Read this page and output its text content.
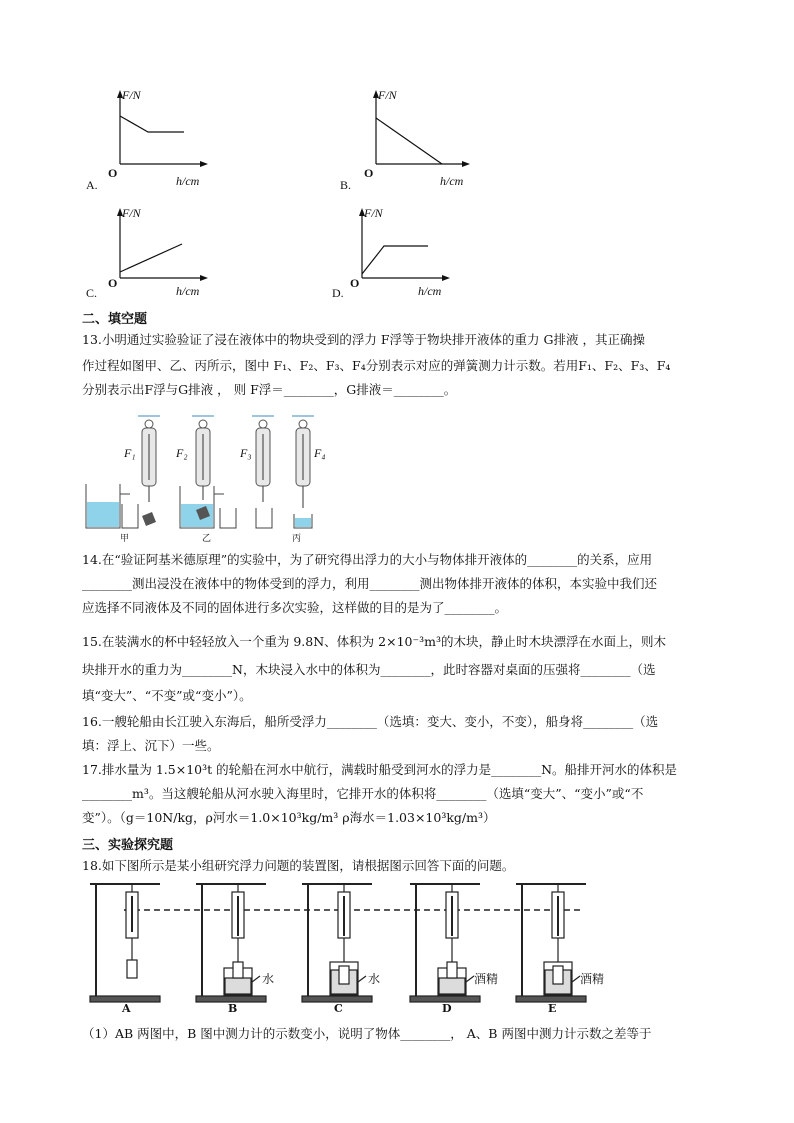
F/N
O
h/cm
A.
F/N
O
h/cm
B.
F/N
O
h/cm
C.
F/N
O
h/cm
D.
二、填空题
13.小明通过实验验证了浸在液体中的物块受到的浮力 F浮等于物块排开液体的重力 G排液 ，其正确操
作过程如图甲、乙、丙所示，图中 F₁、F₂、F₃、F₄分别表示对应的弹簧测力计示数。若用F₁、F₂、F₃、F₄
分别表示出F浮与G排液 ， 则 F浮＝________，G排液＝________。
F₁	F₂	F₃	F₄
甲	乙	丙
14.在“验证阿基米德原理”的实验中，为了研究得出浮力的大小与物体排开液体的________的关系，应用
________测出浸没在液体中的物体受到的浮力，利用________测出物体排开液体的体积，本实验中我们还
应选择不同液体及不同的固体进行多次实验，这样做的目的是为了________。
15.在装满水的杯中轻轻放入一个重为 9.8N、体积为 2×10⁻³m³的木块，静止时木块漂浮在水面上，则木
块排开水的重力为________N，木块浸入水中的体积为________，此时容器对桌面的压强将________（选
填“变大”、“不变”或“变小”）。
16.一艘轮船由长江驶入东海后，船所受浮力________（选填：变大、变小，不变），船身将________（选
填：浮上、沉下）一些。
17.排水量为 1.5×10³t 的轮船在河水中航行，满载时船受到河水的浮力是________N。船排开河水的体积是
________m³。当这艘轮船从河水驶入海里时，它排开水的体积将________（选填“变大”、“变小”或“不
变”）。（g＝10N/kg，ρ河水＝1.0×10³kg/m³ ρ海水＝1.03×10³kg/m³）
三、实验探究题
18.如下图所示是某小组研究浮力问题的装置图，请根据图示回答下面的问题。
水	水	酒精	酒精
A	B	C	D	E
（1）AB 两图中，B 图中测力计的示数变小，说明了物体________， A、B 两图中测力计示数之差等于
